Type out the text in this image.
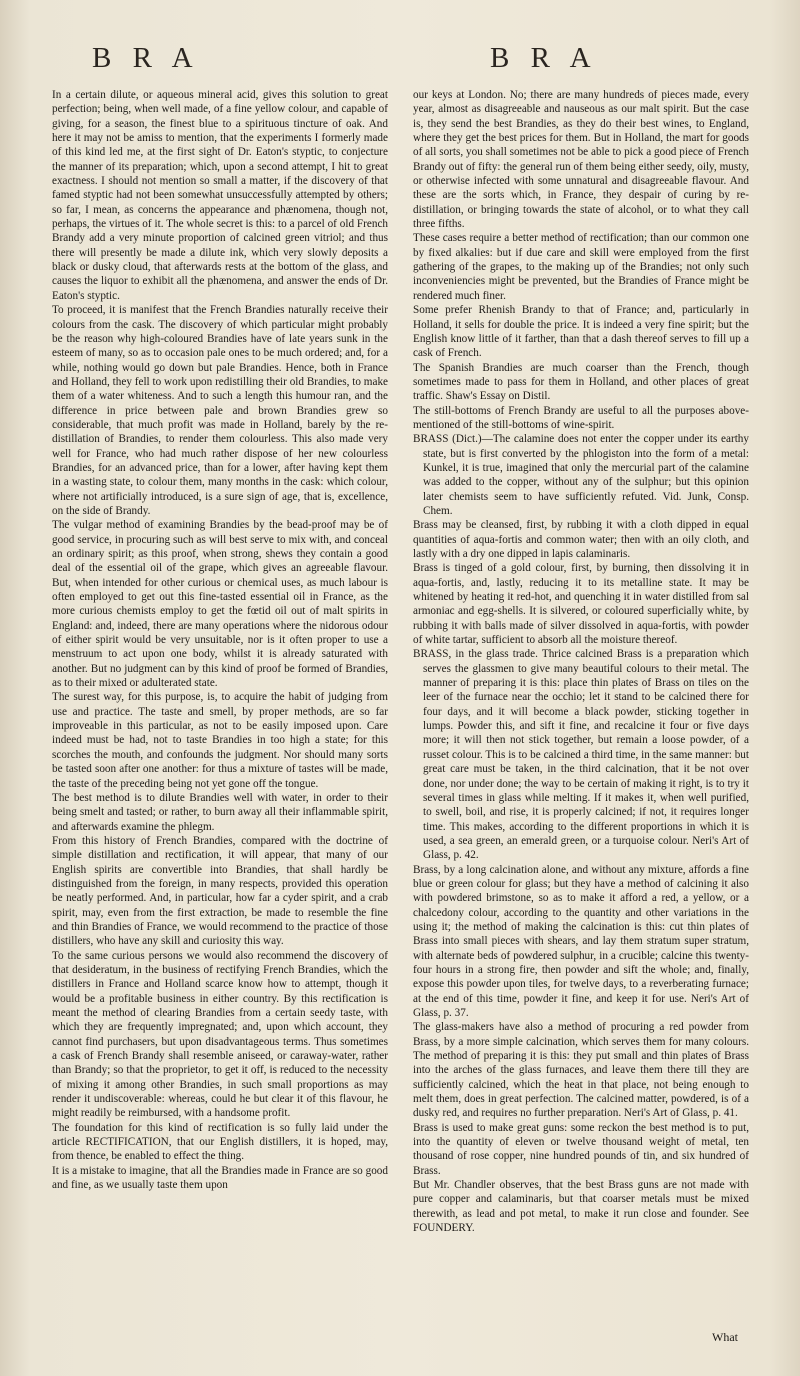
B R A	B R A

In a certain dilute, or aqueous mineral acid, gives this solution to great perfection; being, when well made, of a fine yellow colour, and capable of giving, for a season, the finest blue to a spirituous tincture of oak. And here it may not be amiss to mention, that the experiments I formerly made of this kind led me, at the first sight of Dr. Eaton's styptic, to conjecture the manner of its preparation; which, upon a second attempt, I hit to great exactness. I should not mention so small a matter, if the discovery of that famed styptic had not been somewhat unsuccessfully attempted by others; so far, I mean, as concerns the appearance and phænomena, though not, perhaps, the virtues of it. The whole secret is this: to a parcel of old French Brandy add a very minute proportion of calcined green vitriol; and thus there will presently be made a dilute ink, which very slowly deposits a black or dusky cloud, that afterwards rests at the bottom of the glass, and causes the liquor to exhibit all the phænomena, and answer the ends of Dr. Eaton's styptic.

To proceed, it is manifest that the French Brandies naturally receive their colours from the cask. The discovery of which particular might probably be the reason why high-coloured Brandies have of late years sunk in the esteem of many, so as to occasion pale ones to be much ordered; and, for a while, nothing would go down but pale Brandies. Hence, both in France and Holland, they fell to work upon redistilling their old Brandies, to make them of a water whiteness. And to such a length this humour ran, and the difference in price between pale and brown Brandies grew so considerable, that much profit was made in Holland, barely by the re-distillation of Brandies, to render them colourless. This also made very well for France, who had much rather dispose of her new colourless Brandies, for an advanced price, than for a lower, after having kept them in a wasting state, to colour them, many months in the cask: which colour, where not artificially introduced, is a sure sign of age, that is, excellence, on the side of Brandy.

The vulgar method of examining Brandies by the bead-proof may be of good service, in procuring such as will best serve to mix with, and conceal an ordinary spirit; as this proof, when strong, shews they contain a good deal of the essential oil of the grape, which gives an agreeable flavour. But, when intended for other curious or chemical uses, as much labour is often employed to get out this fine-tasted essential oil in France, as the more curious chemists employ to get the fœtid oil out of malt spirits in England: and, indeed, there are many operations where the nidorous odour of either spirit would be very unsuitable, nor is it often proper to use a menstruum to act upon one body, whilst it is already saturated with another. But no judgment can by this kind of proof be formed of Brandies, as to their mixed or adulterated state.

The surest way, for this purpose, is, to acquire the habit of judging from use and practice. The taste and smell, by proper methods, are so far improveable in this particular, as not to be easily imposed upon. Care indeed must be had, not to taste Brandies in too high a state; for this scorches the mouth, and confounds the judgment. Nor should many sorts be tasted soon after one another: for thus a mixture of tastes will be made, the taste of the preceding being not yet gone off the tongue.

The best method is to dilute Brandies well with water, in order to their being smelt and tasted; or rather, to burn away all their inflammable spirit, and afterwards examine the phlegm.

From this history of French Brandies, compared with the doctrine of simple distillation and rectification, it will appear, that many of our English spirits are convertible into Brandies, that shall hardly be distinguished from the foreign, in many respects, provided this operation be neatly performed. And, in particular, how far a cyder spirit, and a crab spirit, may, even from the first extraction, be made to resemble the fine and thin Brandies of France, we would recommend to the practice of those distillers, who have any skill and curiosity this way.

To the same curious persons we would also recommend the discovery of that desideratum, in the business of rectifying French Brandies, which the distillers in France and Holland scarce know how to attempt, though it would be a profitable business in either country. By this rectification is meant the method of clearing Brandies from a certain seedy taste, with which they are frequently impregnated; and, upon which account, they cannot find purchasers, but upon disadvantageous terms. Thus sometimes a cask of French Brandy shall resemble aniseed, or caraway-water, rather than Brandy; so that the proprietor, to get it off, is reduced to the necessity of mixing it among other Brandies, in such small proportions as may render it undiscoverable: whereas, could he but clear it of this flavour, he might readily be reimbursed, with a handsome profit.

The foundation for this kind of rectification is so fully laid under the article RECTIFICATION, that our English distillers, it is hoped, may, from thence, be enabled to effect the thing.

It is a mistake to imagine, that all the Brandies made in France are so good and fine, as we usually taste them upon

our keys at London. No; there are many hundreds of pieces made, every year, almost as disagreeable and nauseous as our malt spirit. But the case is, they send the best Brandies, as they do their best wines, to England, where they get the best prices for them. But in Holland, the mart for goods of all sorts, you shall sometimes not be able to pick a good piece of French Brandy out of fifty: the general run of them being either seedy, oily, musty, or otherwise infected with some unnatural and disagreeable flavour. And these are the sorts which, in France, they despair of curing by re-distillation, or bringing towards the state of alcohol, or to what they call three fifths.

These cases require a better method of rectification; than our common one by fixed alkalies: but if due care and skill were employed from the first gathering of the grapes, to the making up of the Brandies; not only such inconveniencies might be prevented, but the Brandies of France might be rendered much finer.

Some prefer Rhenish Brandy to that of France; and, particularly in Holland, it sells for double the price. It is indeed a very fine spirit; but the English know little of it farther, than that a dash thereof serves to fill up a cask of French.

The Spanish Brandies are much coarser than the French, though sometimes made to pass for them in Holland, and other places of great traffic. Shaw's Essay on Distil.

The still-bottoms of French Brandy are useful to all the purposes above-mentioned of the still-bottoms of wine-spirit.

BRASS (Dict.)—The calamine does not enter the copper under its earthy state, but is first converted by the phlogiston into the form of a metal: Kunkel, it is true, imagined that only the mercurial part of the calamine was added to the copper, without any of the sulphur; but this opinion later chemists seem to have sufficiently refuted. Vid. Junk, Consp. Chem.

Brass may be cleansed, first, by rubbing it with a cloth dipped in equal quantities of aqua-fortis and common water; then with an oily cloth, and lastly with a dry one dipped in lapis calaminaris.

Brass is tinged of a gold colour, first, by burning, then dissolving it in aqua-fortis, and, lastly, reducing it to its metalline state. It may be whitened by heating it red-hot, and quenching it in water distilled from sal armoniac and egg-shells. It is silvered, or coloured superficially white, by rubbing it with balls made of silver dissolved in aqua-fortis, with powder of white tartar, sufficient to absorb all the moisture thereof.

BRASS, in the glass trade. Thrice calcined Brass is a preparation which serves the glassmen to give many beautiful colours to their metal. The manner of preparing it is this: place thin plates of Brass on tiles on the leer of the furnace near the occhio; let it stand to be calcined there for four days, and it will become a black powder, sticking together in lumps. Powder this, and sift it fine, and recalcine it four or five days more; it will then not stick together, but remain a loose powder, of a russet colour. This is to be calcined a third time, in the same manner: but great care must be taken, in the third calcination, that it be not over done, nor under done; the way to be certain of making it right, is to try it several times in glass while melting. If it makes it, when well purified, to swell, boil, and rise, it is properly calcined; if not, it requires longer time. This makes, according to the different proportions in which it is used, a sea green, an emerald green, or a turquoise colour. Neri's Art of Glass, p. 42.

Brass, by a long calcination alone, and without any mixture, affords a fine blue or green colour for glass; but they have a method of calcining it also with powdered brimstone, so as to make it afford a red, a yellow, or a chalcedony colour, according to the quantity and other variations in the using it; the method of making the calcination is this: cut thin plates of Brass into small pieces with shears, and lay them stratum super stratum, with alternate beds of powdered sulphur, in a crucible; calcine this twenty-four hours in a strong fire, then powder and sift the whole; and, finally, expose this powder upon tiles, for twelve days, to a reverberating furnace; at the end of this time, powder it fine, and keep it for use. Neri's Art of Glass, p. 37.

The glass-makers have also a method of procuring a red powder from Brass, by a more simple calcination, which serves them for many colours. The method of preparing it is this: they put small and thin plates of Brass into the arches of the glass furnaces, and leave them there till they are sufficiently calcined, which the heat in that place, not being enough to melt them, does in great perfection. The calcined matter, powdered, is of a dusky red, and requires no further preparation. Neri's Art of Glass, p. 41.

Brass is used to make great guns: some reckon the best method is to put, into the quantity of eleven or twelve thousand weight of metal, ten thousand of rose copper, nine hundred pounds of tin, and six hundred of Brass.

But Mr. Chandler observes, that the best Brass guns are not made with pure copper and calaminaris, but that coarser metals must be mixed therewith, as lead and pot metal, to make it run close and founder. See FOUNDERY.

What
